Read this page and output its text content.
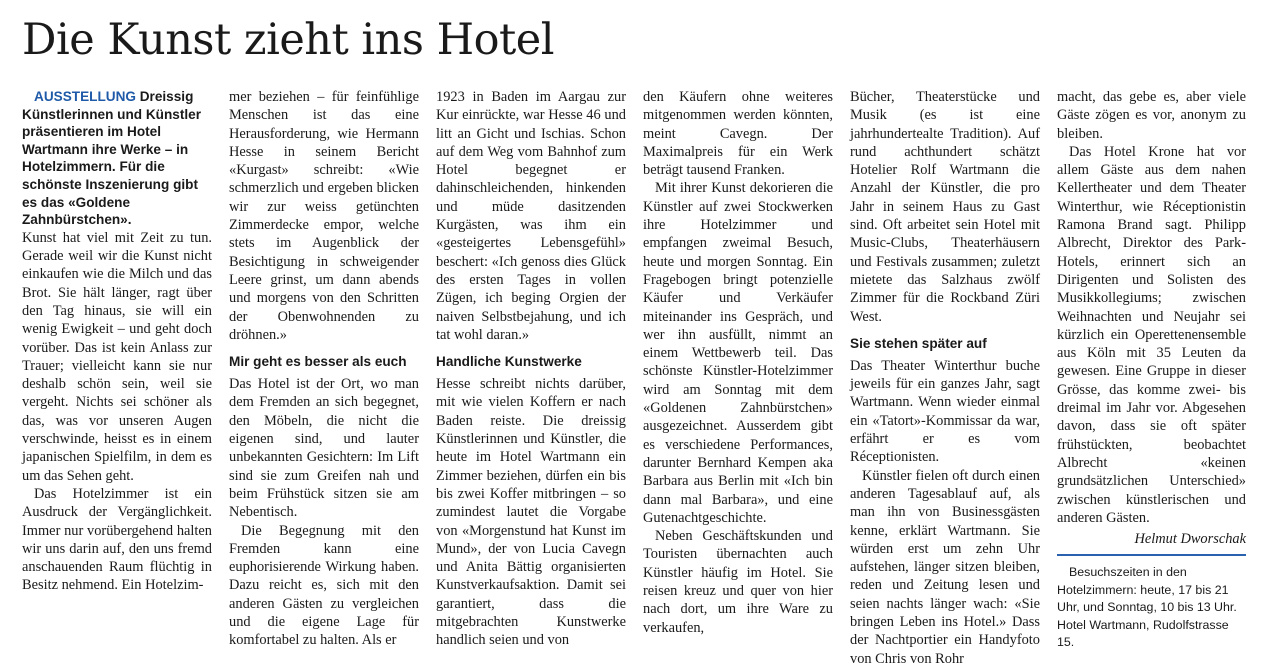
Die Kunst zieht ins Hotel

AUSSTELLUNG Dreissig Künstlerinnen und Künstler präsentieren im Hotel Wartmann ihre Werke – in Hotelzimmern. Für die schönste Inszenierung gibt es das «Goldene Zahnbürstchen».

Kunst hat viel mit Zeit zu tun. Gerade weil wir die Kunst nicht einkaufen wie die Milch und das Brot. Sie hält länger, ragt über den Tag hinaus, sie will ein wenig Ewigkeit – und geht doch vorüber. Das ist kein Anlass zur Trauer; vielleicht kann sie nur deshalb schön sein, weil sie vergeht. Nichts sei schöner als das, was vor unseren Augen verschwinde, heisst es in einem japanischen Spielfilm, in dem es um das Sehen geht.

Das Hotelzimmer ist ein Ausdruck der Vergänglichkeit. Immer nur vorübergehend halten wir uns darin auf, den uns fremd anschauenden Raum flüchtig in Besitz nehmend. Ein Hotelzim-

mer beziehen – für feinfühlige Menschen ist das eine Herausforderung, wie Hermann Hesse in seinem Bericht «Kurgast» schreibt: «Wie schmerzlich und ergeben blicken wir zur weiss getünchten Zimmerdecke empor, welche stets im Augenblick der Besichtigung in schweigender Leere grinst, um dann abends und morgens von den Schritten der Obenwohnenden zu dröhnen.»

Mir geht es besser als euch

Das Hotel ist der Ort, wo man dem Fremden an sich begegnet, den Möbeln, die nicht die eigenen sind, und lauter unbekannten Gesichtern: Im Lift sind sie zum Greifen nah und beim Frühstück sitzen sie am Nebentisch.

Die Begegnung mit den Fremden kann eine euphorisierende Wirkung haben. Dazu reicht es, sich mit den anderen Gästen zu vergleichen und die eigene Lage für komfortabel zu halten. Als er

1923 in Baden im Aargau zur Kur einrückte, war Hesse 46 und litt an Gicht und Ischias. Schon auf dem Weg vom Bahnhof zum Hotel begegnet er dahinschleichenden, hinkenden und müde dasitzenden Kurgästen, was ihm ein «gesteigertes Lebensgefühl» beschert: «Ich genoss dies Glück des ersten Tages in vollen Zügen, ich beging Orgien der naiven Selbstbejahung, und ich tat wohl daran.»

Handliche Kunstwerke

Hesse schreibt nichts darüber, mit wie vielen Koffern er nach Baden reiste. Die dreissig Künstlerinnen und Künstler, die heute im Hotel Wartmann ein Zimmer beziehen, dürfen ein bis bis zwei Koffer mitbringen – so zumindest lautet die Vorgabe von «Morgenstund hat Kunst im Mund», der von Lucia Cavegn und Anita Bättig organisierten Kunstverkaufsaktion. Damit sei garantiert, dass die mitgebrachten Kunstwerke handlich seien und von

den Käufern ohne weiteres mitgenommen werden könnten, meint Cavegn. Der Maximalpreis für ein Werk beträgt tausend Franken.

Mit ihrer Kunst dekorieren die Künstler auf zwei Stockwerken ihre Hotelzimmer und empfangen zweimal Besuch, heute und morgen Sonntag. Ein Fragebogen bringt potenzielle Käufer und Verkäufer miteinander ins Gespräch, und wer ihn ausfüllt, nimmt an einem Wettbewerb teil. Das schönste Künstler-Hotelzimmer wird am Sonntag mit dem «Goldenen Zahnbürstchen» ausgezeichnet. Ausserdem gibt es verschiedene Performances, darunter Bernhard Kempen aka Barbara aus Berlin mit «Ich bin dann mal Barbara», und eine Gutenachtgeschichte.

Neben Geschäftskunden und Touristen übernachten auch Künstler häufig im Hotel. Sie reisen kreuz und quer von hier nach dort, um ihre Ware zu verkaufen,

Bücher, Theaterstücke und Musik (es ist eine jahrhundertealte Tradition). Auf rund achthundert schätzt Hotelier Rolf Wartmann die Anzahl der Künstler, die pro Jahr in seinem Haus zu Gast sind. Oft arbeitet sein Hotel mit Music-Clubs, Theaterhäusern und Festivals zusammen; zuletzt mietete das Salzhaus zwölf Zimmer für die Rockband Züri West.

Sie stehen später auf

Das Theater Winterthur buche jeweils für ein ganzes Jahr, sagt Wartmann. Wenn wieder einmal ein «Tatort»-Kommissar da war, erfährt er es vom Réceptionisten.

Künstler fielen oft durch einen anderen Tagesablauf auf, als man ihn von Businessgästen kenne, erklärt Wartmann. Sie würden erst um zehn Uhr aufstehen, länger sitzen bleiben, reden und Zeitung lesen und seien nachts länger wach: «Sie bringen Leben ins Hotel.» Dass der Nachtportier ein Handyfoto von Chris von Rohr

macht, das gebe es, aber viele Gäste zögen es vor, anonym zu bleiben.

Das Hotel Krone hat vor allem Gäste aus dem nahen Kellertheater und dem Theater Winterthur, wie Réceptionistin Ramona Brand sagt. Philipp Albrecht, Direktor des Park-Hotels, erinnert sich an Dirigenten und Solisten des Musikkollegiums; zwischen Weihnachten und Neujahr sei kürzlich ein Operettenensemble aus Köln mit 35 Leuten da gewesen. Eine Gruppe in dieser Grösse, das komme zwei- bis dreimal im Jahr vor. Abgesehen davon, dass sie oft später frühstückten, beobachtet Albrecht «keinen grundsätzlichen Unterschied» zwischen künstlerischen und anderen Gästen.

Helmut Dworschak

Besuchszeiten in den Hotelzimmern: heute, 17 bis 21 Uhr, und Sonntag, 10 bis 13 Uhr. Hotel Wartmann, Rudolfstrasse 15.
